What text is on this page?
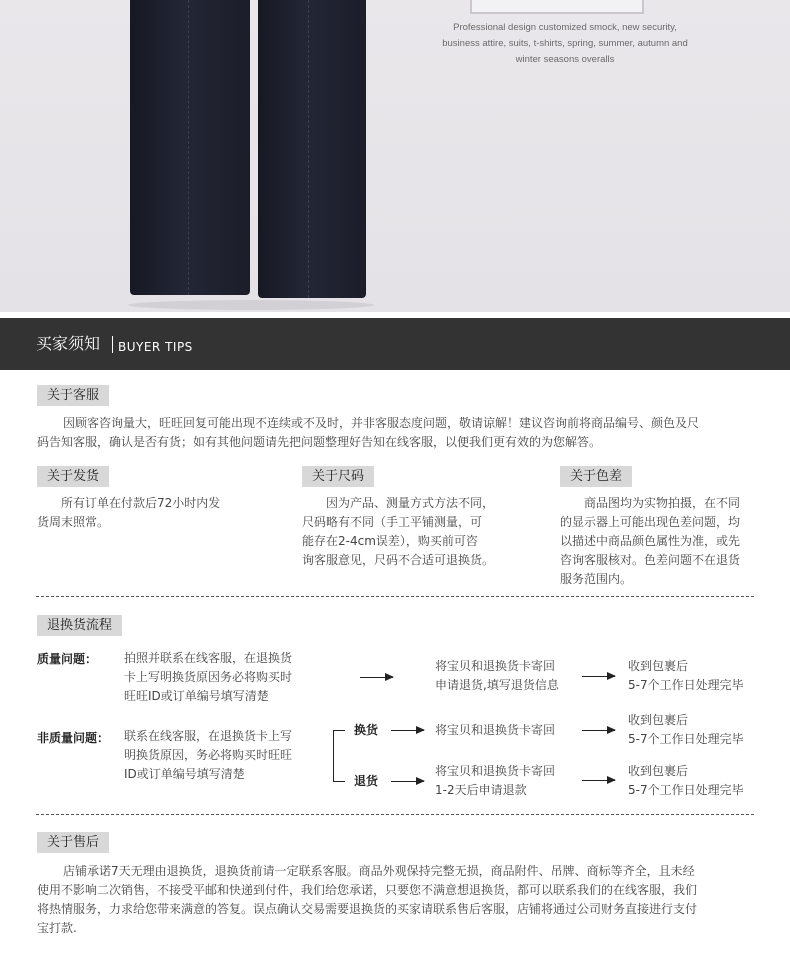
Professional design customized smock, new security,
business attire, suits, t-shirts, spring, summer, autumn and
winter seasons overalls
买家须知 BUYER TIPS
关于客服
因顾客咨询量大，旺旺回复可能出现不连续或不及时，并非客服态度问题，敬请谅解！建议咨询前将商品编号、颜色及尺
码告知客服，确认是否有货；如有其他问题请先把问题整理好告知在线客服，以便我们更有效的为您解答。
关于发货
所有订单在付款后72小时内发
货周末照常。
关于尺码
因为产品、测量方式方法不同，
尺码略有不同（手工平铺测量，可
能存在2-4cm误差），购买前可咨
询客服意见，尺码不合适可退换货。
关于色差
商品图均为实物拍摄，在不同
的显示器上可能出现色差问题，均
以描述中商品颜色属性为准，或先
咨询客服核对。色差问题不在退货
服务范围内。
退换货流程
质量问题： 拍照并联系在线客服，在退换货
卡上写明换货原因务必将购买时
旺旺ID或订单编号填写清楚
将宝贝和退换货卡寄回
申请退货,填写退货信息
收到包裹后
5-7个工作日处理完毕
非质量问题： 联系在线客服，在退换货卡上写
明换货原因，务必将购买时旺旺
ID或订单编号填写清楚
换货	将宝贝和退换货卡寄回
收到包裹后
5-7个工作日处理完毕
退货
将宝贝和退换货卡寄回
1-2天后申请退款
收到包裹后
5-7个工作日处理完毕
关于售后
店铺承诺7天无理由退换货，退换货前请一定联系客服。商品外观保持完整无损，商品附件、吊牌、商标等齐全，且未经
使用不影响二次销售，不接受平邮和快递到付件，我们给您承诺，只要您不满意想退换货，都可以联系我们的在线客服，我们
将热情服务，力求给您带来满意的答复。误点确认交易需要退换货的买家请联系售后客服，店铺将通过公司财务直接进行支付
宝打款.
